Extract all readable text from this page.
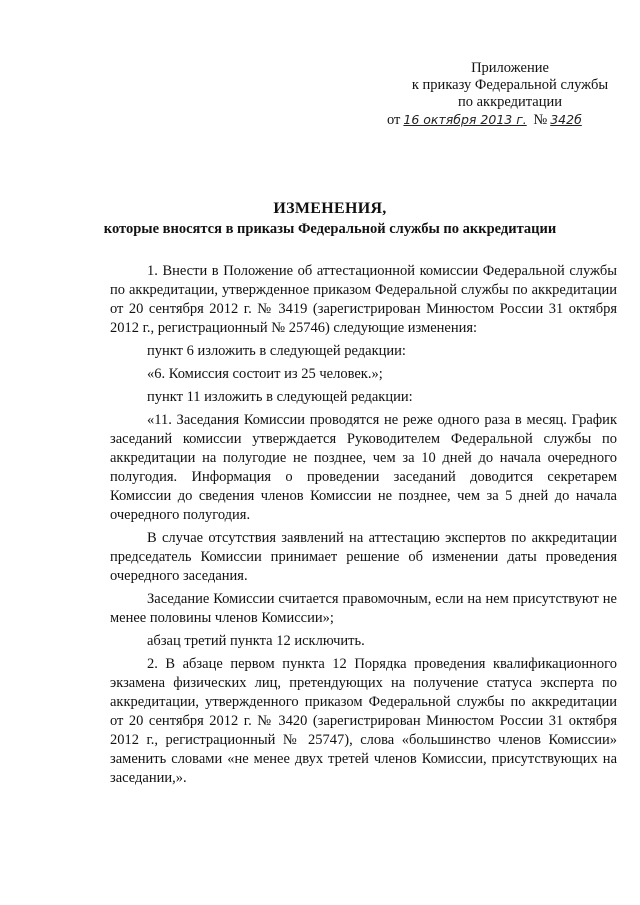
Приложение
к приказу Федеральной службы
по аккредитации
от 16 октября 2013 г. № 342б
ИЗМЕНЕНИЯ,
которые вносятся в приказы Федеральной службы по аккредитации

1. Внести в Положение об аттестационной комиссии Федеральной службы по аккредитации, утвержденное приказом Федеральной службы по аккредитации от 20 сентября 2012 г. № 3419 (зарегистрирован Минюстом России 31 октября 2012 г., регистрационный № 25746) следующие изменения:

пункт 6 изложить в следующей редакции:

«6. Комиссия состоит из 25 человек.»;

пункт 11 изложить в следующей редакции:

«11. Заседания Комиссии проводятся не реже одного раза в месяц. График заседаний комиссии утверждается Руководителем Федеральной службы по аккредитации на полугодие не позднее, чем за 10 дней до начала очередного полугодия. Информация о проведении заседаний доводится секретарем Комиссии до сведения членов Комиссии не позднее, чем за 5 дней до начала очередного полугодия.

В случае отсутствия заявлений на аттестацию экспертов по аккредитации председатель Комиссии принимает решение об изменении даты проведения очередного заседания.

Заседание Комиссии считается правомочным, если на нем присутствуют не менее половины членов Комиссии»;

абзац третий пункта 12 исключить.

2. В абзаце первом пункта 12 Порядка проведения квалификационного экзамена физических лиц, претендующих на получение статуса эксперта по аккредитации, утвержденного приказом Федеральной службы по аккредитации от 20 сентября 2012 г. № 3420 (зарегистрирован Минюстом России 31 октября 2012 г., регистрационный № 25747), слова «большинство членов Комиссии» заменить словами «не менее двух третей членов Комиссии, присутствующих на заседании,».
